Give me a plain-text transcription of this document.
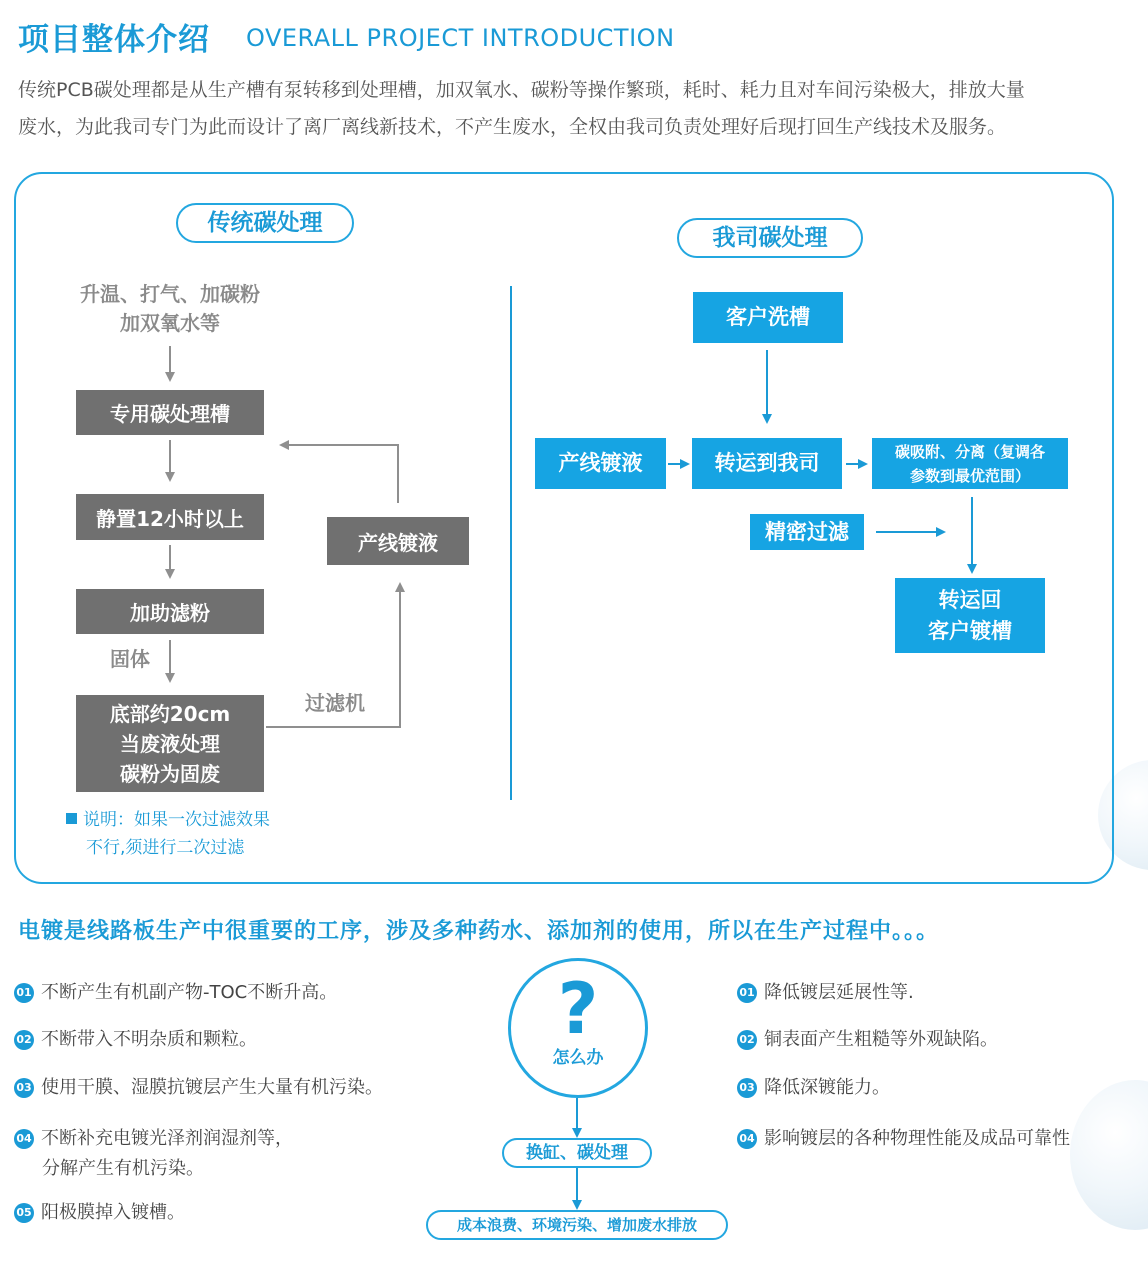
项目整体介绍 OVERALL PROJECT INTRODUCTION
传统PCB碳处理都是从生产槽有泵转移到处理槽，加双氧水、碳粉等操作繁琐，耗时、耗力且对车间污染极大，排放大量
废水，为此我司专门为此而设计了离厂离线新技术，不产生废水，全权由我司负责处理好后现打回生产线技术及服务。
传统碳处理
升温、打气、加碳粉
加双氧水等
专用碳处理槽
静置12小时以上
加助滤粉
固体
底部约20cm
当废液处理
碳粉为固废
过滤机
产线镀液
说明：如果一次过滤效果
不行,须进行二次过滤
我司碳处理
客户洗槽
产线镀液	转运到我司	碳吸附、分离（复调各
参数到最优范围）
精密过滤
转运回
客户镀槽
电镀是线路板生产中很重要的工序，涉及多种药水、添加剂的使用，所以在生产过程中。。。
01 不断产生有机副产物-TOC不断升高。
02 不断带入不明杂质和颗粒。
03 使用干膜、湿膜抗镀层产生大量有机污染。
04 不断补充电镀光泽剂润湿剂等，
分解产生有机污染。
05 阳极膜掉入镀槽。
?
怎么办
换缸、碳处理
成本浪费、环境污染、增加废水排放
01 降低镀层延展性等.
02 铜表面产生粗糙等外观缺陷。
03 降低深镀能力。
04 影响镀层的各种物理性能及成品可靠性
